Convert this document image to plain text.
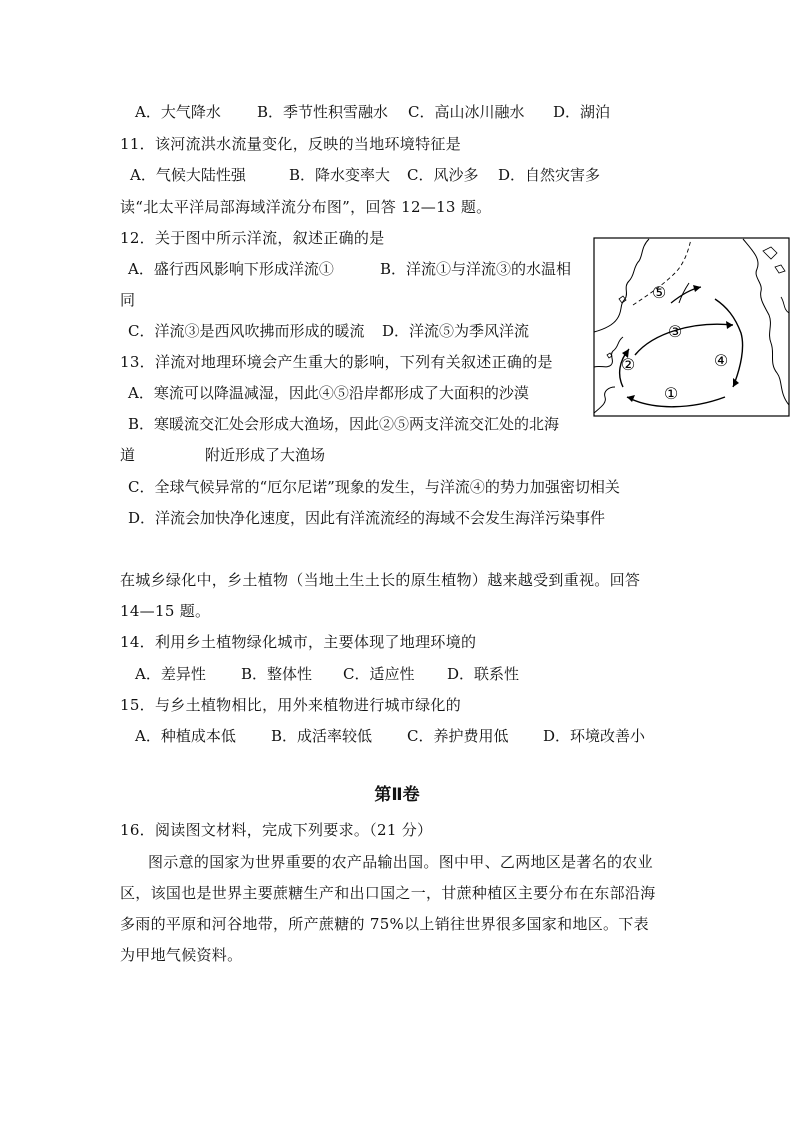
A．大气降水 B．季节性积雪融水 C．高山冰川融水 D．湖泊
11．该河流洪水流量变化，反映的当地环境特征是
A．气候大陆性强	B．降水变率大 C．风沙多 D．自然灾害多
读“北太平洋局部海域洋流分布图”，回答 12—13 题。
12．关于图中所示洋流，叙述正确的是
A．盛行西风影响下形成洋流①	B．洋流①与洋流③的水温相
同
C．洋流③是西风吹拂而形成的暖流 D．洋流⑤为季风洋流
13．洋流对地理环境会产生重大的影响，下列有关叙述正确的是
A．寒流可以降温减湿，因此④⑤沿岸都形成了大面积的沙漠
B．寒暖流交汇处会形成大渔场，因此②⑤两支洋流交汇处的北海
道	附近形成了大渔场
C．全球气候异常的“厄尔尼诺”现象的发生，与洋流④的势力加强密切相关
D．洋流会加快净化速度，因此有洋流流经的海域不会发生海洋污染事件
⑤
③
②	④
①
在城乡绿化中，乡土植物（当地土生土长的原生植物）越来越受到重视。回答
14—15 题。
14．利用乡土植物绿化城市，主要体现了地理环境的
A．差异性 B．整体性 C．适应性 D．联系性
15．与乡土植物相比，用外来植物进行城市绿化的
A．种植成本低 B．成活率较低 C．养护费用低 D．环境改善小
第Ⅱ卷
16．阅读图文材料，完成下列要求。（21 分）
图示意的国家为世界重要的农产品输出国。图中甲、乙两地区是著名的农业
区，该国也是世界主要蔗糖生产和出口国之一，甘蔗种植区主要分布在东部沿海
多雨的平原和河谷地带，所产蔗糖的 75%以上销往世界很多国家和地区。下表
为甲地气候资料。
